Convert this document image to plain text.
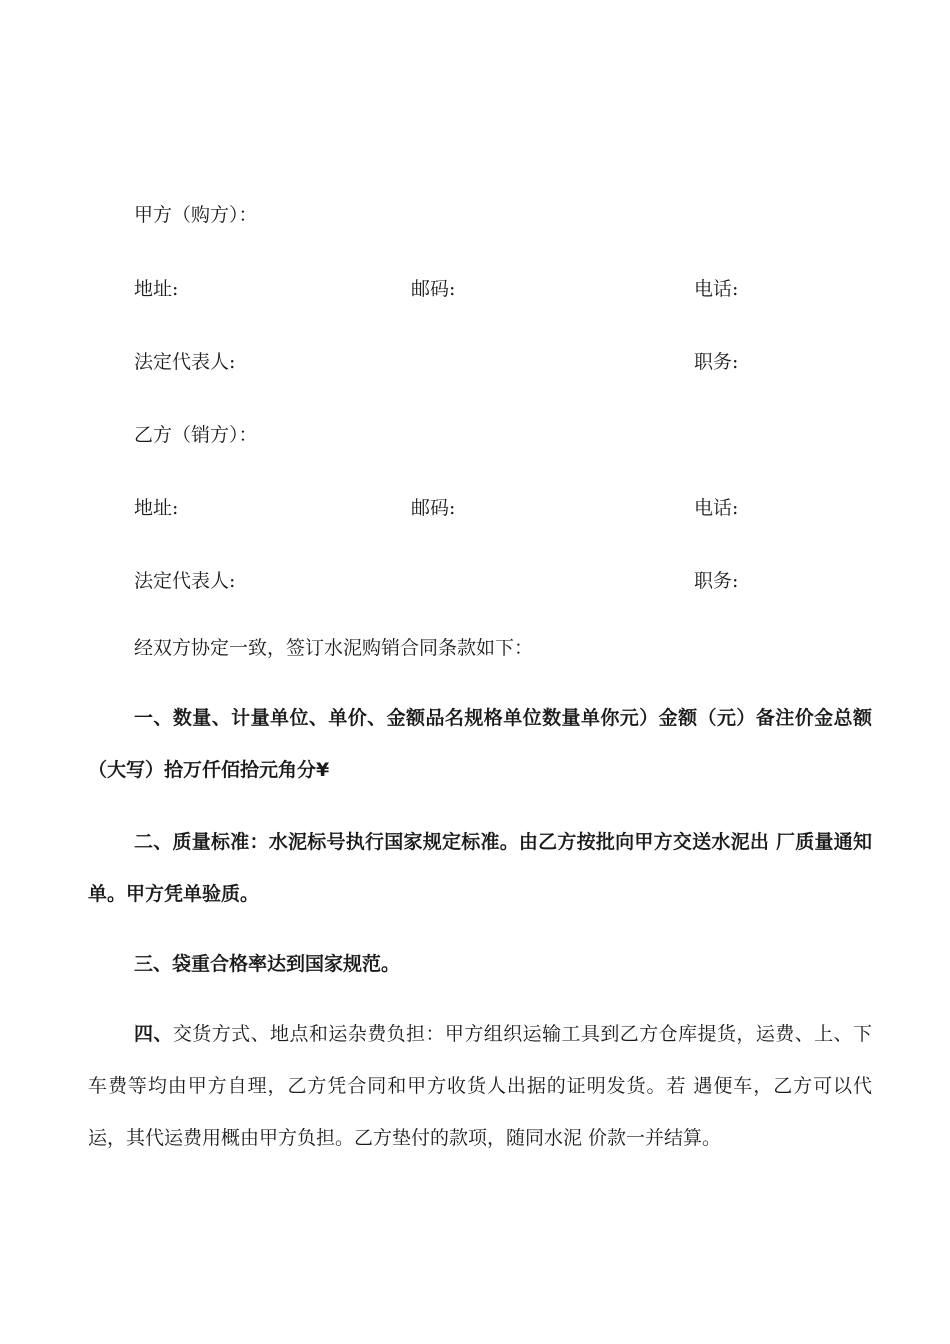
甲方（购方）：
地址:	邮码:	电话:
法定代表人:	职务:
乙方（销方）：
地址:	邮码:	电话:
法定代表人:	职务:
经双方协定一致，签订水泥购销合同条款如下：
一、数量、计量单位、单价、金额品名规格单位数量单你元）金额（元）备注价金总额（大写）拾万仟佰拾元角分¥
二、质量标准：水泥标号执行国家规定标准。由乙方按批向甲方交送水泥出 厂质量通知单。甲方凭单验质。
三、袋重合格率达到国家规范。
四、交货方式、地点和运杂费负担：甲方组织运输工具到乙方仓库提货，运费、上、下车费等均由甲方自理，乙方凭合同和甲方收货人出据的证明发货。若 遇便车，乙方可以代运，其代运费用概由甲方负担。乙方垫付的款项，随同水泥 价款一并结算。
